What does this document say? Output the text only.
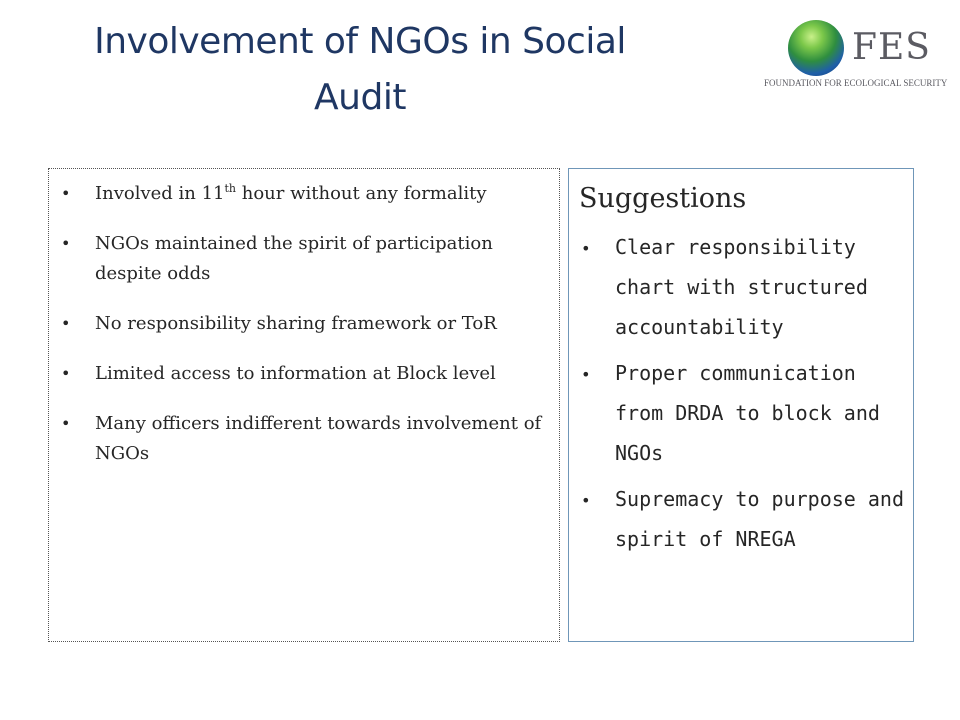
Involvement of NGOs in Social
Audit
FES
FOUNDATION FOR ECOLOGICAL SECURITY
• Involved in 11th hour without any formality
• NGOs maintained the spirit of participation despite odds
• No responsibility sharing framework or ToR
• Limited access to information at Block level
• Many officers indifferent towards involvement of NGOs
Suggestions
• Clear responsibility chart with structured accountability
• Proper communication from DRDA to block and NGOs
• Supremacy to purpose and spirit of NREGA
